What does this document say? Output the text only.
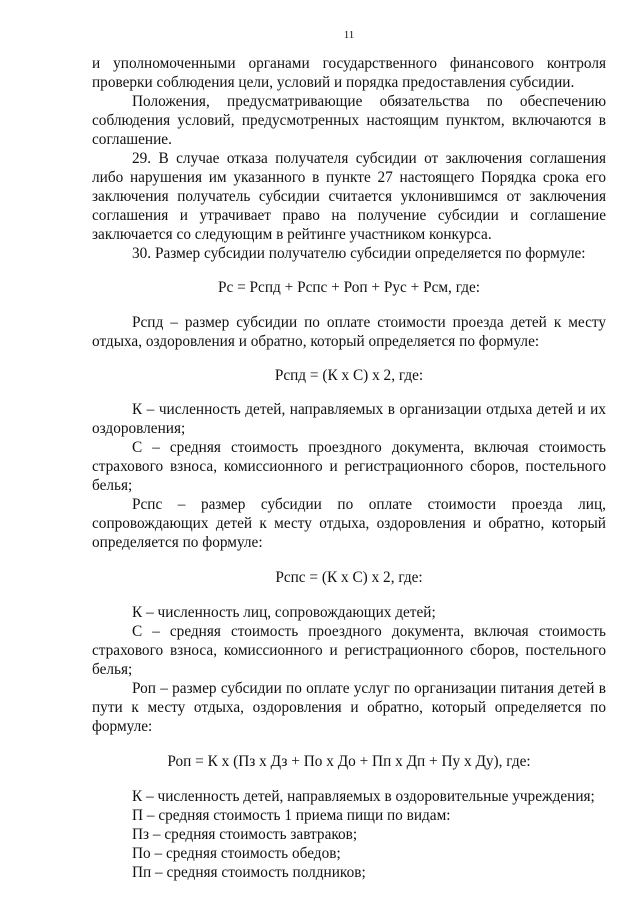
11

и уполномоченными органами государственного финансового контроля проверки соблюдения цели, условий и порядка предоставления субсидии.

Положения, предусматривающие обязательства по обеспечению соблюдения условий, предусмотренных настоящим пунктом, включаются в соглашение.

29. В случае отказа получателя субсидии от заключения соглашения либо нарушения им указанного в пункте 27 настоящего Порядка срока его заключения получатель субсидии считается уклонившимся от заключения соглашения и утрачивает право на получение субсидии и соглашение заключается со следующим в рейтинге участником конкурса.

30. Размер субсидии получателю субсидии определяется по формуле:

Рс = Рспд + Рспс + Роп + Рус + Рсм, где:

Рспд – размер субсидии по оплате стоимости проезда детей к месту отдыха, оздоровления и обратно, который определяется по формуле:

Рспд = (К х С) х 2, где:

К – численность детей, направляемых в организации отдыха детей и их оздоровления;

С – средняя стоимость проездного документа, включая стоимость страхового взноса, комиссионного и регистрационного сборов, постельного белья;

Рспс – размер субсидии по оплате стоимости проезда лиц, сопровождающих детей к месту отдыха, оздоровления и обратно, который определяется по формуле:

Рспс = (К х С) х 2, где:

К – численность лиц, сопровождающих детей;

С – средняя стоимость проездного документа, включая стоимость страхового взноса, комиссионного и регистрационного сборов, постельного белья;

Роп – размер субсидии по оплате услуг по организации питания детей в пути к месту отдыха, оздоровления и обратно, который определяется по формуле:

Роп = К х (Пз х Дз + По х До + Пп х Дп + Пу х Ду), где:

К – численность детей, направляемых в оздоровительные учреждения;

П – средняя стоимость 1 приема пищи по видам:

Пз – средняя стоимость завтраков;

По – средняя стоимость обедов;

Пп – средняя стоимость полдников;
